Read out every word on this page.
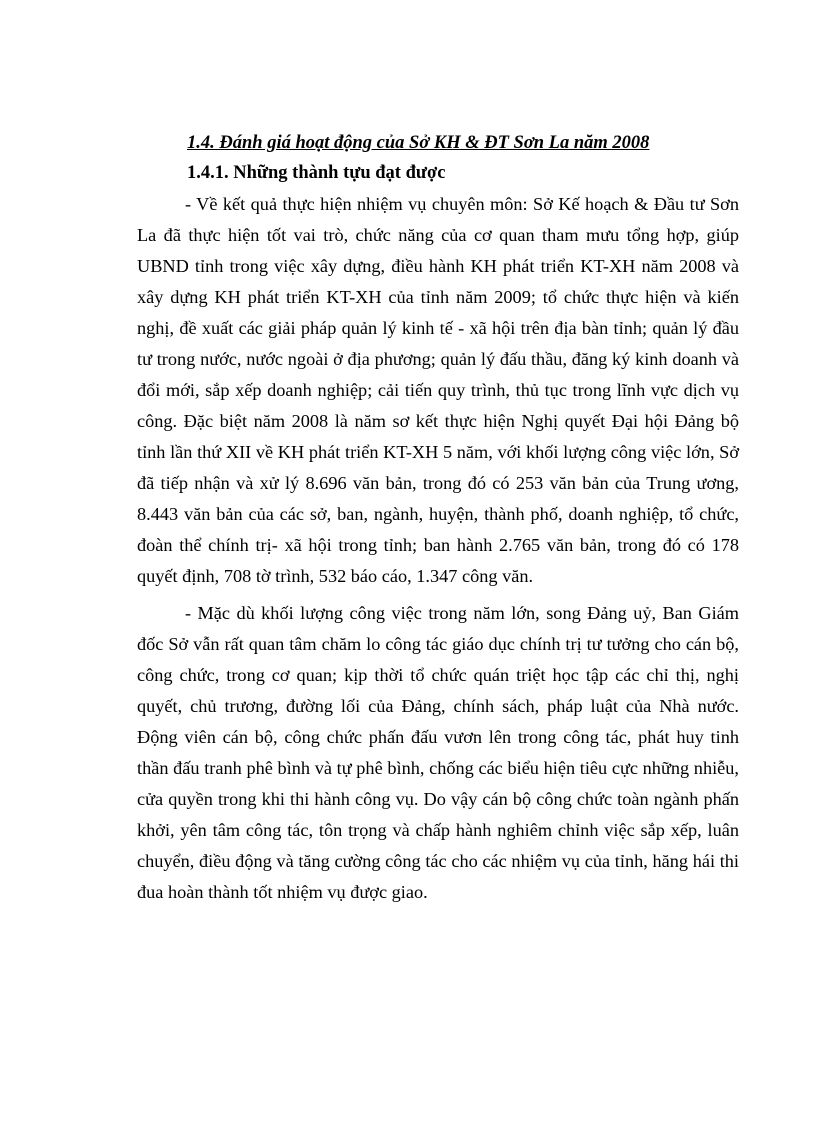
1.4. Đánh giá hoạt động của Sở KH & ĐT Sơn La năm 2008
1.4.1. Những thành tựu đạt được

- Về kết quả thực hiện nhiệm vụ chuyên môn: Sở Kế hoạch & Đầu tư Sơn La đã thực hiện tốt vai trò, chức năng của cơ quan tham mưu tổng hợp, giúp UBND tỉnh trong việc xây dựng, điều hành KH phát triển KT-XH năm 2008 và xây dựng KH phát triển KT-XH của tỉnh năm 2009; tổ chức thực hiện và kiến nghị, đề xuất các giải pháp quản lý kinh tế - xã hội trên địa bàn tỉnh; quản lý đầu tư trong nước, nước ngoài ở địa phương; quản lý đấu thầu, đăng ký kinh doanh và đổi mới, sắp xếp doanh nghiệp; cải tiến quy trình, thủ tục trong lĩnh vực dịch vụ công. Đặc biệt năm 2008 là năm sơ kết thực hiện Nghị quyết Đại hội Đảng bộ tỉnh lần thứ XII về KH phát triển KT-XH 5 năm, với khối lượng công việc lớn, Sở đã tiếp nhận và xử lý 8.696 văn bản, trong đó có 253 văn bản của Trung ương, 8.443 văn bản của các sở, ban, ngành, huyện, thành phố, doanh nghiệp, tổ chức, đoàn thể chính trị- xã hội trong tỉnh; ban hành 2.765 văn bản, trong đó có 178 quyết định, 708 tờ trình, 532 báo cáo, 1.347 công văn.

- Mặc dù khối lượng công việc trong năm lớn, song Đảng uỷ, Ban Giám đốc Sở vẫn rất quan tâm chăm lo công tác giáo dục chính trị tư tưởng cho cán bộ, công chức, trong cơ quan; kịp thời tổ chức quán triệt học tập các chỉ thị, nghị quyết, chủ trương, đường lối của Đảng, chính sách, pháp luật của Nhà nước. Động viên cán bộ, công chức phấn đấu vươn lên trong công tác, phát huy tinh thần đấu tranh phê bình và tự phê bình, chống các biểu hiện tiêu cực những nhiễu, cửa quyền trong khi thi hành công vụ. Do vậy cán bộ công chức toàn ngành phấn khởi, yên tâm công tác, tôn trọng và chấp hành nghiêm chỉnh việc sắp xếp, luân chuyển, điều động và tăng cường công tác cho các nhiệm vụ của tỉnh, hăng hái thi đua hoàn thành tốt nhiệm vụ được giao.
